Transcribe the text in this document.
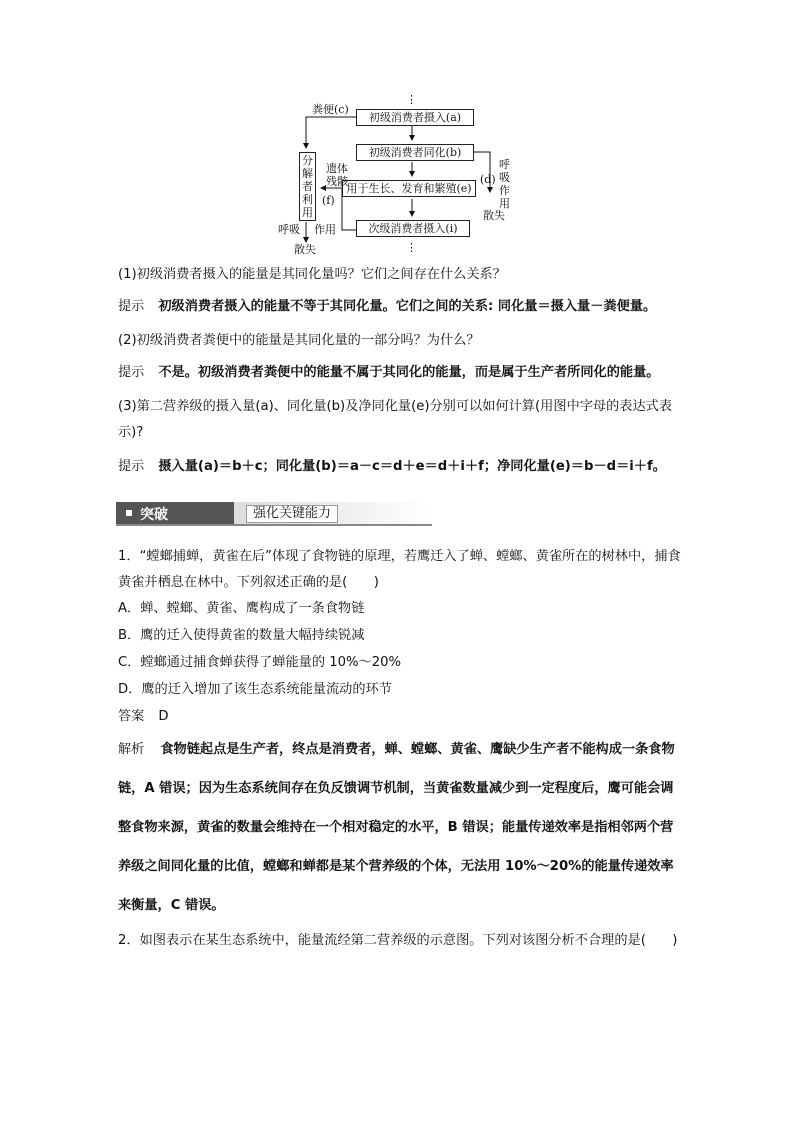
⋮
粪便(c)
初级消费者摄入(a)
初级消费者同化(b)
用于生长、发育和繁殖(e)
次级消费者摄入(i)
分解者利用
遗体残骸
(f)
(d)
呼吸作用
散失
呼吸 作用
散失	⋮
(1)初级消费者摄入的能量是其同化量吗？它们之间存在什么关系？
提示 初级消费者摄入的能量不等于其同化量。它们之间的关系: 同化量＝摄入量－粪便量。
(2)初级消费者粪便中的能量是其同化量的一部分吗？为什么？
提示 不是。初级消费者粪便中的能量不属于其同化的能量，而是属于生产者所同化的能量。
(3)第二营养级的摄入量(a)、同化量(b)及净同化量(e)分别可以如何计算(用图中字母的表达式表示)?
提示 摄入量(a)＝b＋c；同化量(b)＝a－c＝d＋e＝d＋i＋f；净同化量(e)＝b－d＝i＋f。
突破	强化关键能力
1．“螳螂捕蝉，黄雀在后”体现了食物链的原理，若鹰迁入了蝉、螳螂、黄雀所在的树林中，捕食黄雀并栖息在林中。下列叙述正确的是(　　)
A．蝉、螳螂、黄雀、鹰构成了一条食物链
B．鹰的迁入使得黄雀的数量大幅持续锐减
C．螳螂通过捕食蝉获得了蝉能量的 10%～20%
D．鹰的迁入增加了该生态系统能量流动的环节
答案 D
解析 食物链起点是生产者，终点是消费者，蝉、螳螂、黄雀、鹰缺少生产者不能构成一条食物链，A 错误；因为生态系统间存在负反馈调节机制，当黄雀数量减少到一定程度后，鹰可能会调整食物来源，黄雀的数量会维持在一个相对稳定的水平，B 错误；能量传递效率是指相邻两个营养级之间同化量的比值，螳螂和蝉都是某个营养级的个体，无法用 10%～20%的能量传递效率来衡量，C 错误。
2．如图表示在某生态系统中，能量流经第二营养级的示意图。下列对该图分析不合理的是(　　)
